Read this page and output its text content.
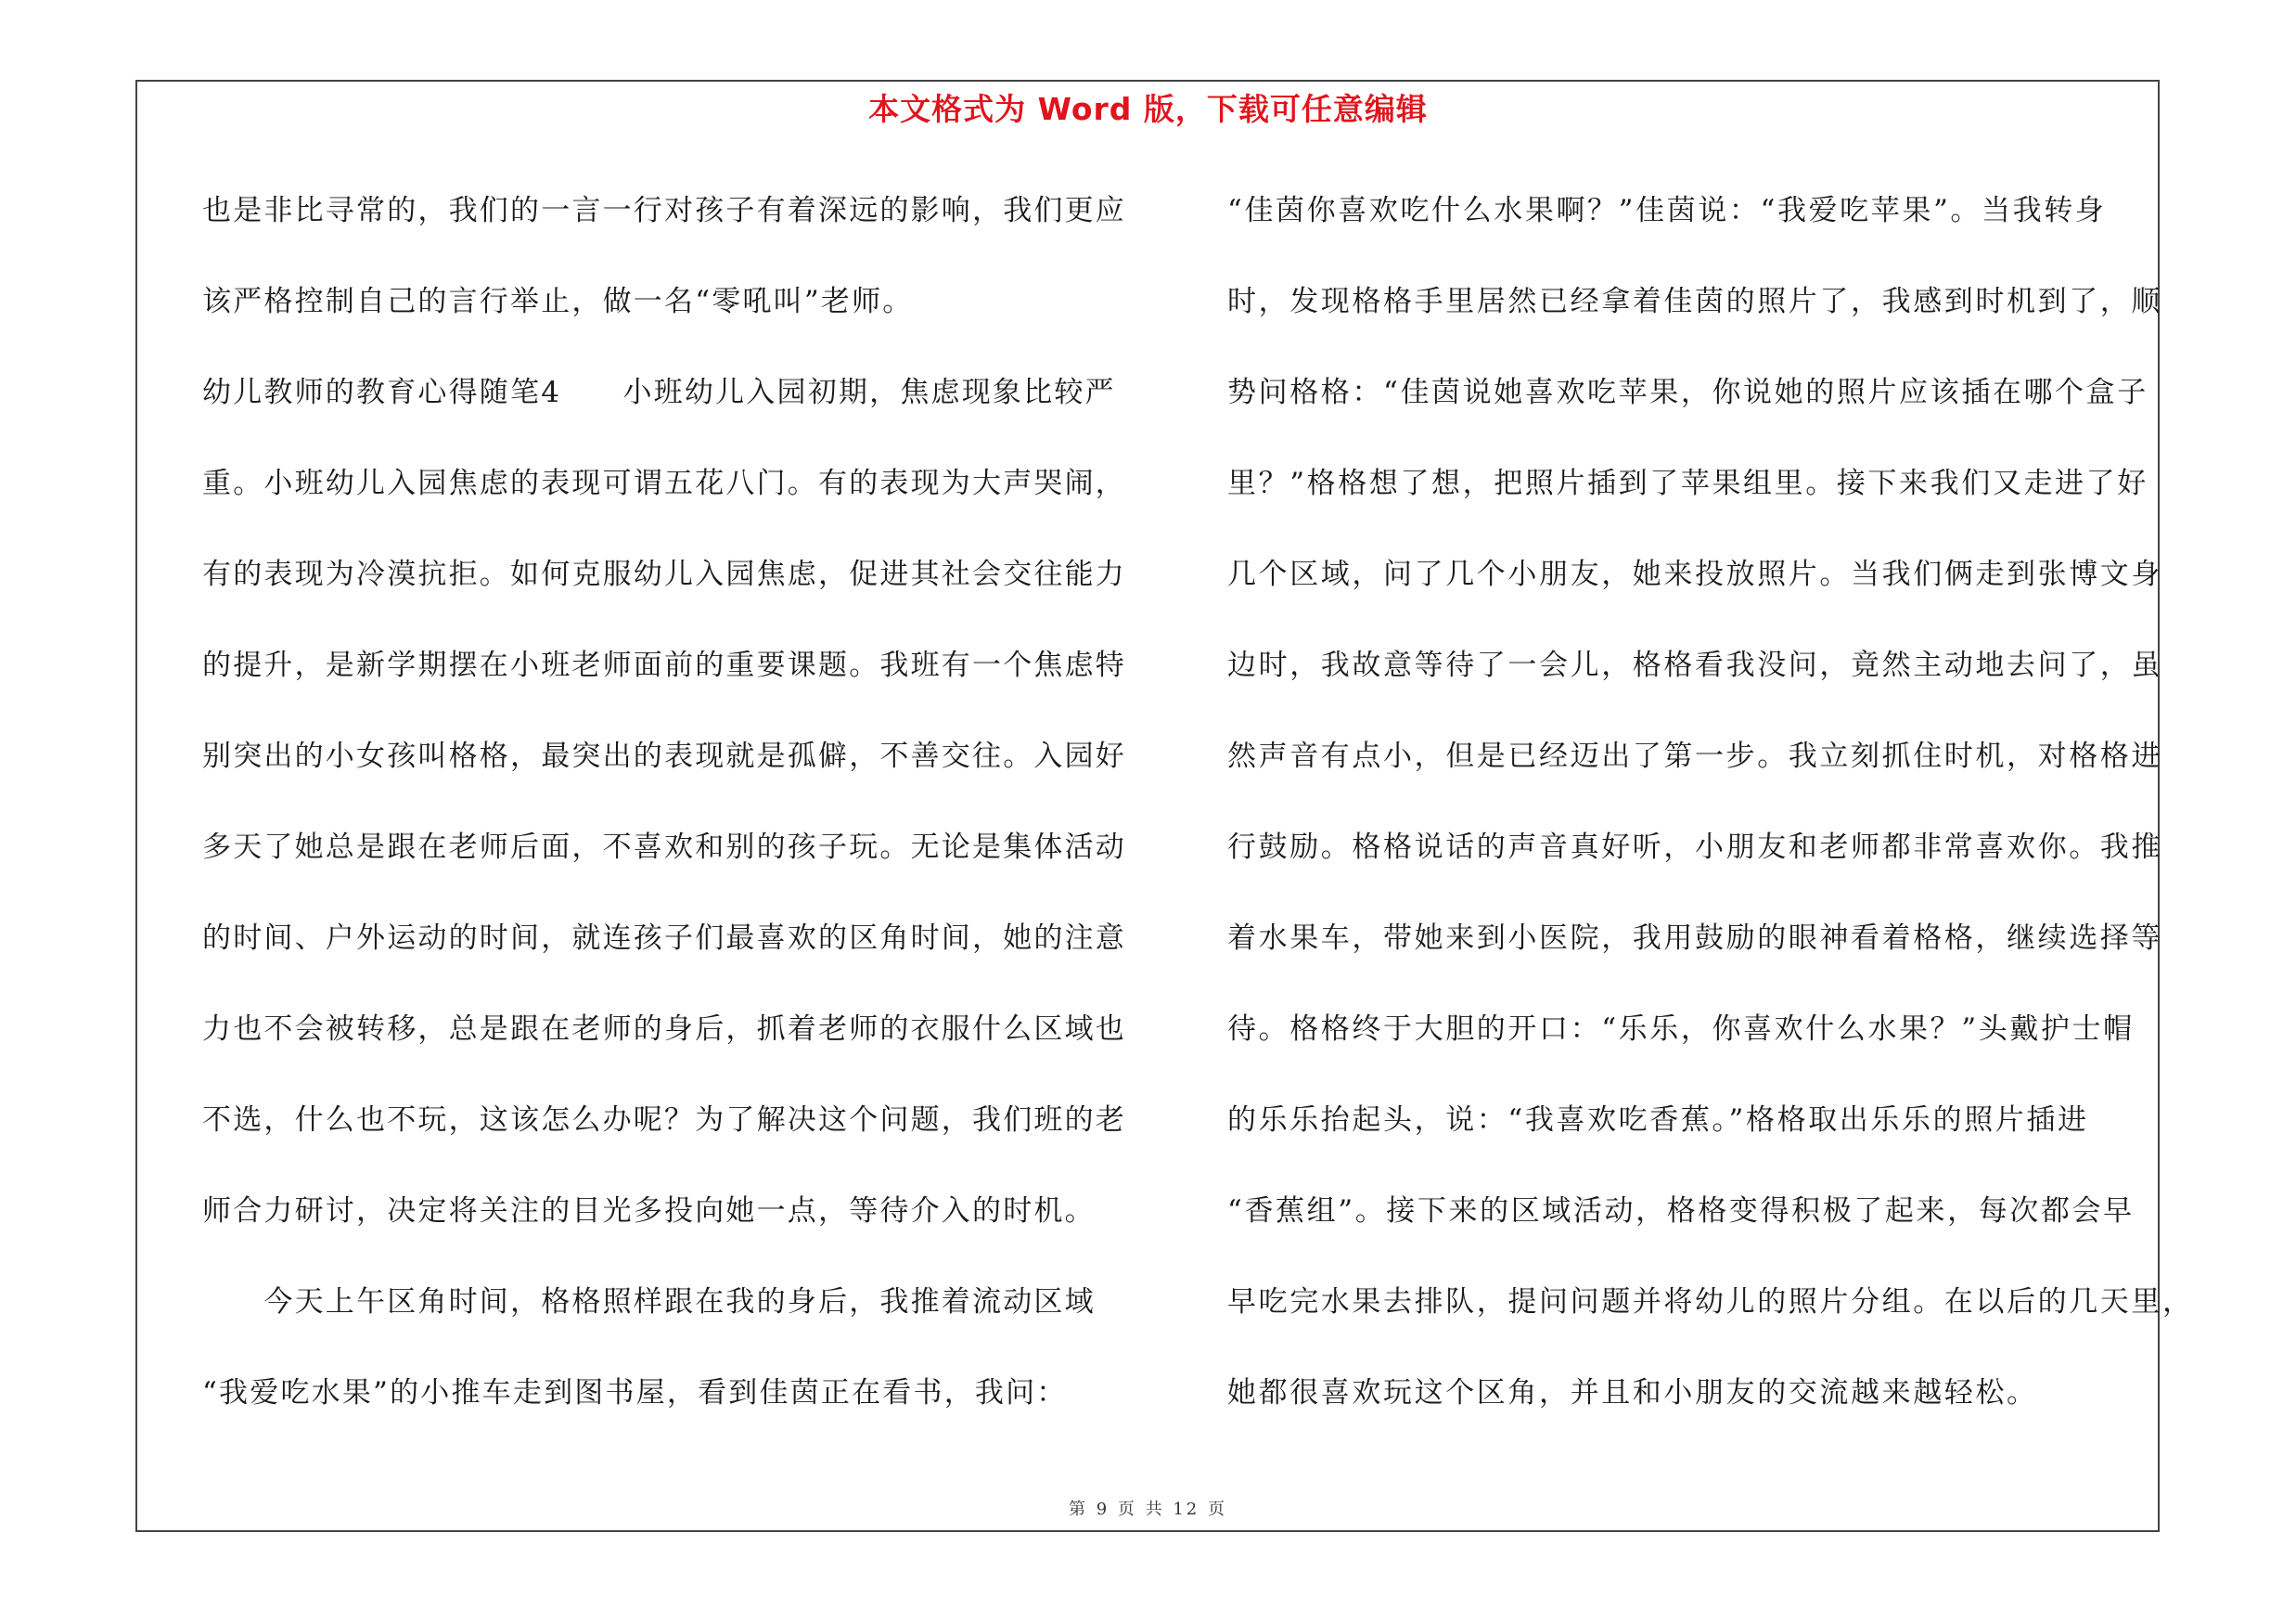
本文格式为 Word 版，下载可任意编辑
也是非比寻常的，我们的一言一行对孩子有着深远的影响，我们更应
该严格控制自己的言行举止，做一名“零吼叫”老师。
幼儿教师的教育心得随笔4　　小班幼儿入园初期，焦虑现象比较严
重。小班幼儿入园焦虑的表现可谓五花八门。有的表现为大声哭闹，
有的表现为冷漠抗拒。如何克服幼儿入园焦虑，促进其社会交往能力
的提升，是新学期摆在小班老师面前的重要课题。我班有一个焦虑特
别突出的小女孩叫格格，最突出的表现就是孤僻，不善交往。入园好
多天了她总是跟在老师后面，不喜欢和别的孩子玩。无论是集体活动
的时间、户外运动的时间，就连孩子们最喜欢的区角时间，她的注意
力也不会被转移，总是跟在老师的身后，抓着老师的衣服什么区域也
不选，什么也不玩，这该怎么办呢？为了解决这个问题，我们班的老
师合力研讨，决定将关注的目光多投向她一点，等待介入的时机。
　　今天上午区角时间，格格照样跟在我的身后，我推着流动区域
“我爱吃水果”的小推车走到图书屋，看到佳茵正在看书，我问：
“佳茵你喜欢吃什么水果啊？”佳茵说：“我爱吃苹果”。当我转身
时，发现格格手里居然已经拿着佳茵的照片了，我感到时机到了，顺
势问格格：“佳茵说她喜欢吃苹果，你说她的照片应该插在哪个盒子
里？”格格想了想，把照片插到了苹果组里。接下来我们又走进了好
几个区域，问了几个小朋友，她来投放照片。当我们俩走到张博文身
边时，我故意等待了一会儿，格格看我没问，竟然主动地去问了，虽
然声音有点小，但是已经迈出了第一步。我立刻抓住时机，对格格进
行鼓励。格格说话的声音真好听，小朋友和老师都非常喜欢你。我推
着水果车，带她来到小医院，我用鼓励的眼神看着格格，继续选择等
待。格格终于大胆的开口：“乐乐，你喜欢什么水果？”头戴护士帽
的乐乐抬起头，说：“我喜欢吃香蕉。”格格取出乐乐的照片插进
“香蕉组”。接下来的区域活动，格格变得积极了起来，每次都会早
早吃完水果去排队，提问问题并将幼儿的照片分组。在以后的几天里，
她都很喜欢玩这个区角，并且和小朋友的交流越来越轻松。
第 9 页 共 12 页
